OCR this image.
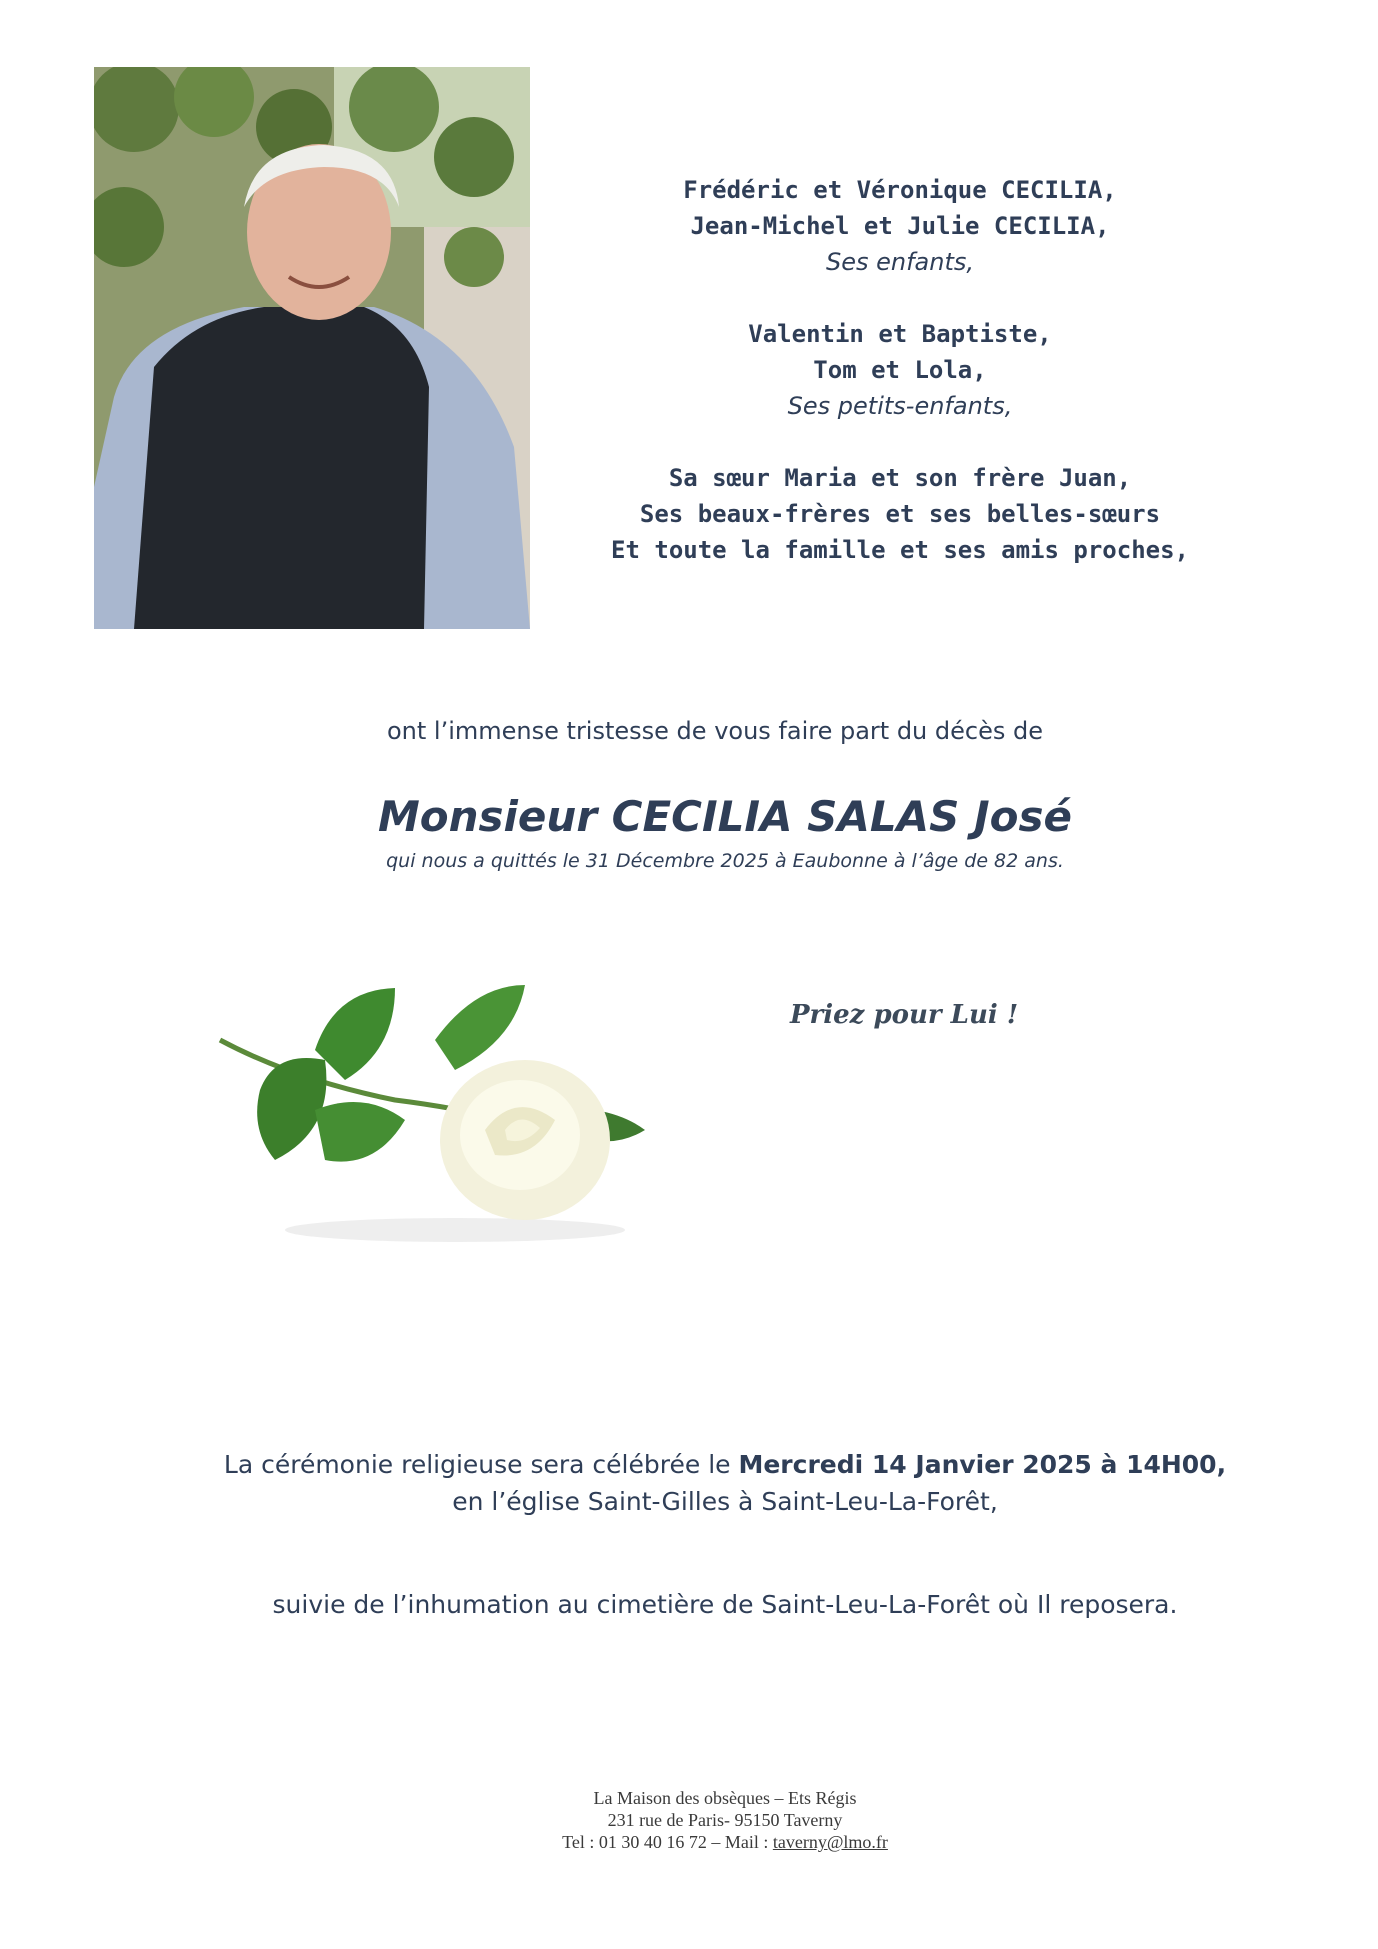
Frédéric et Véronique CECILIA,
Jean-Michel et Julie CECILIA,
Ses enfants,
Valentin et Baptiste,
Tom et Lola,
Ses petits-enfants,
Sa sœur Maria et son frère Juan,
Ses beaux-frères et ses belles-sœurs
Et toute la famille et ses amis proches,
ont l’immense tristesse de vous faire part du décès de
Monsieur CECILIA SALAS José
qui nous a quittés le 31 Décembre 2025 à Eaubonne à l’âge de 82 ans.
Priez pour Lui !
La cérémonie religieuse sera célébrée le Mercredi 14 Janvier 2025 à 14H00,
en l’église Saint-Gilles à Saint-Leu-La-Forêt,
suivie de l’inhumation au cimetière de Saint-Leu-La-Forêt où Il reposera.
La Maison des obsèques – Ets Régis
231 rue de Paris- 95150 Taverny
Tel : 01 30 40 16 72 – Mail : taverny@lmo.fr
